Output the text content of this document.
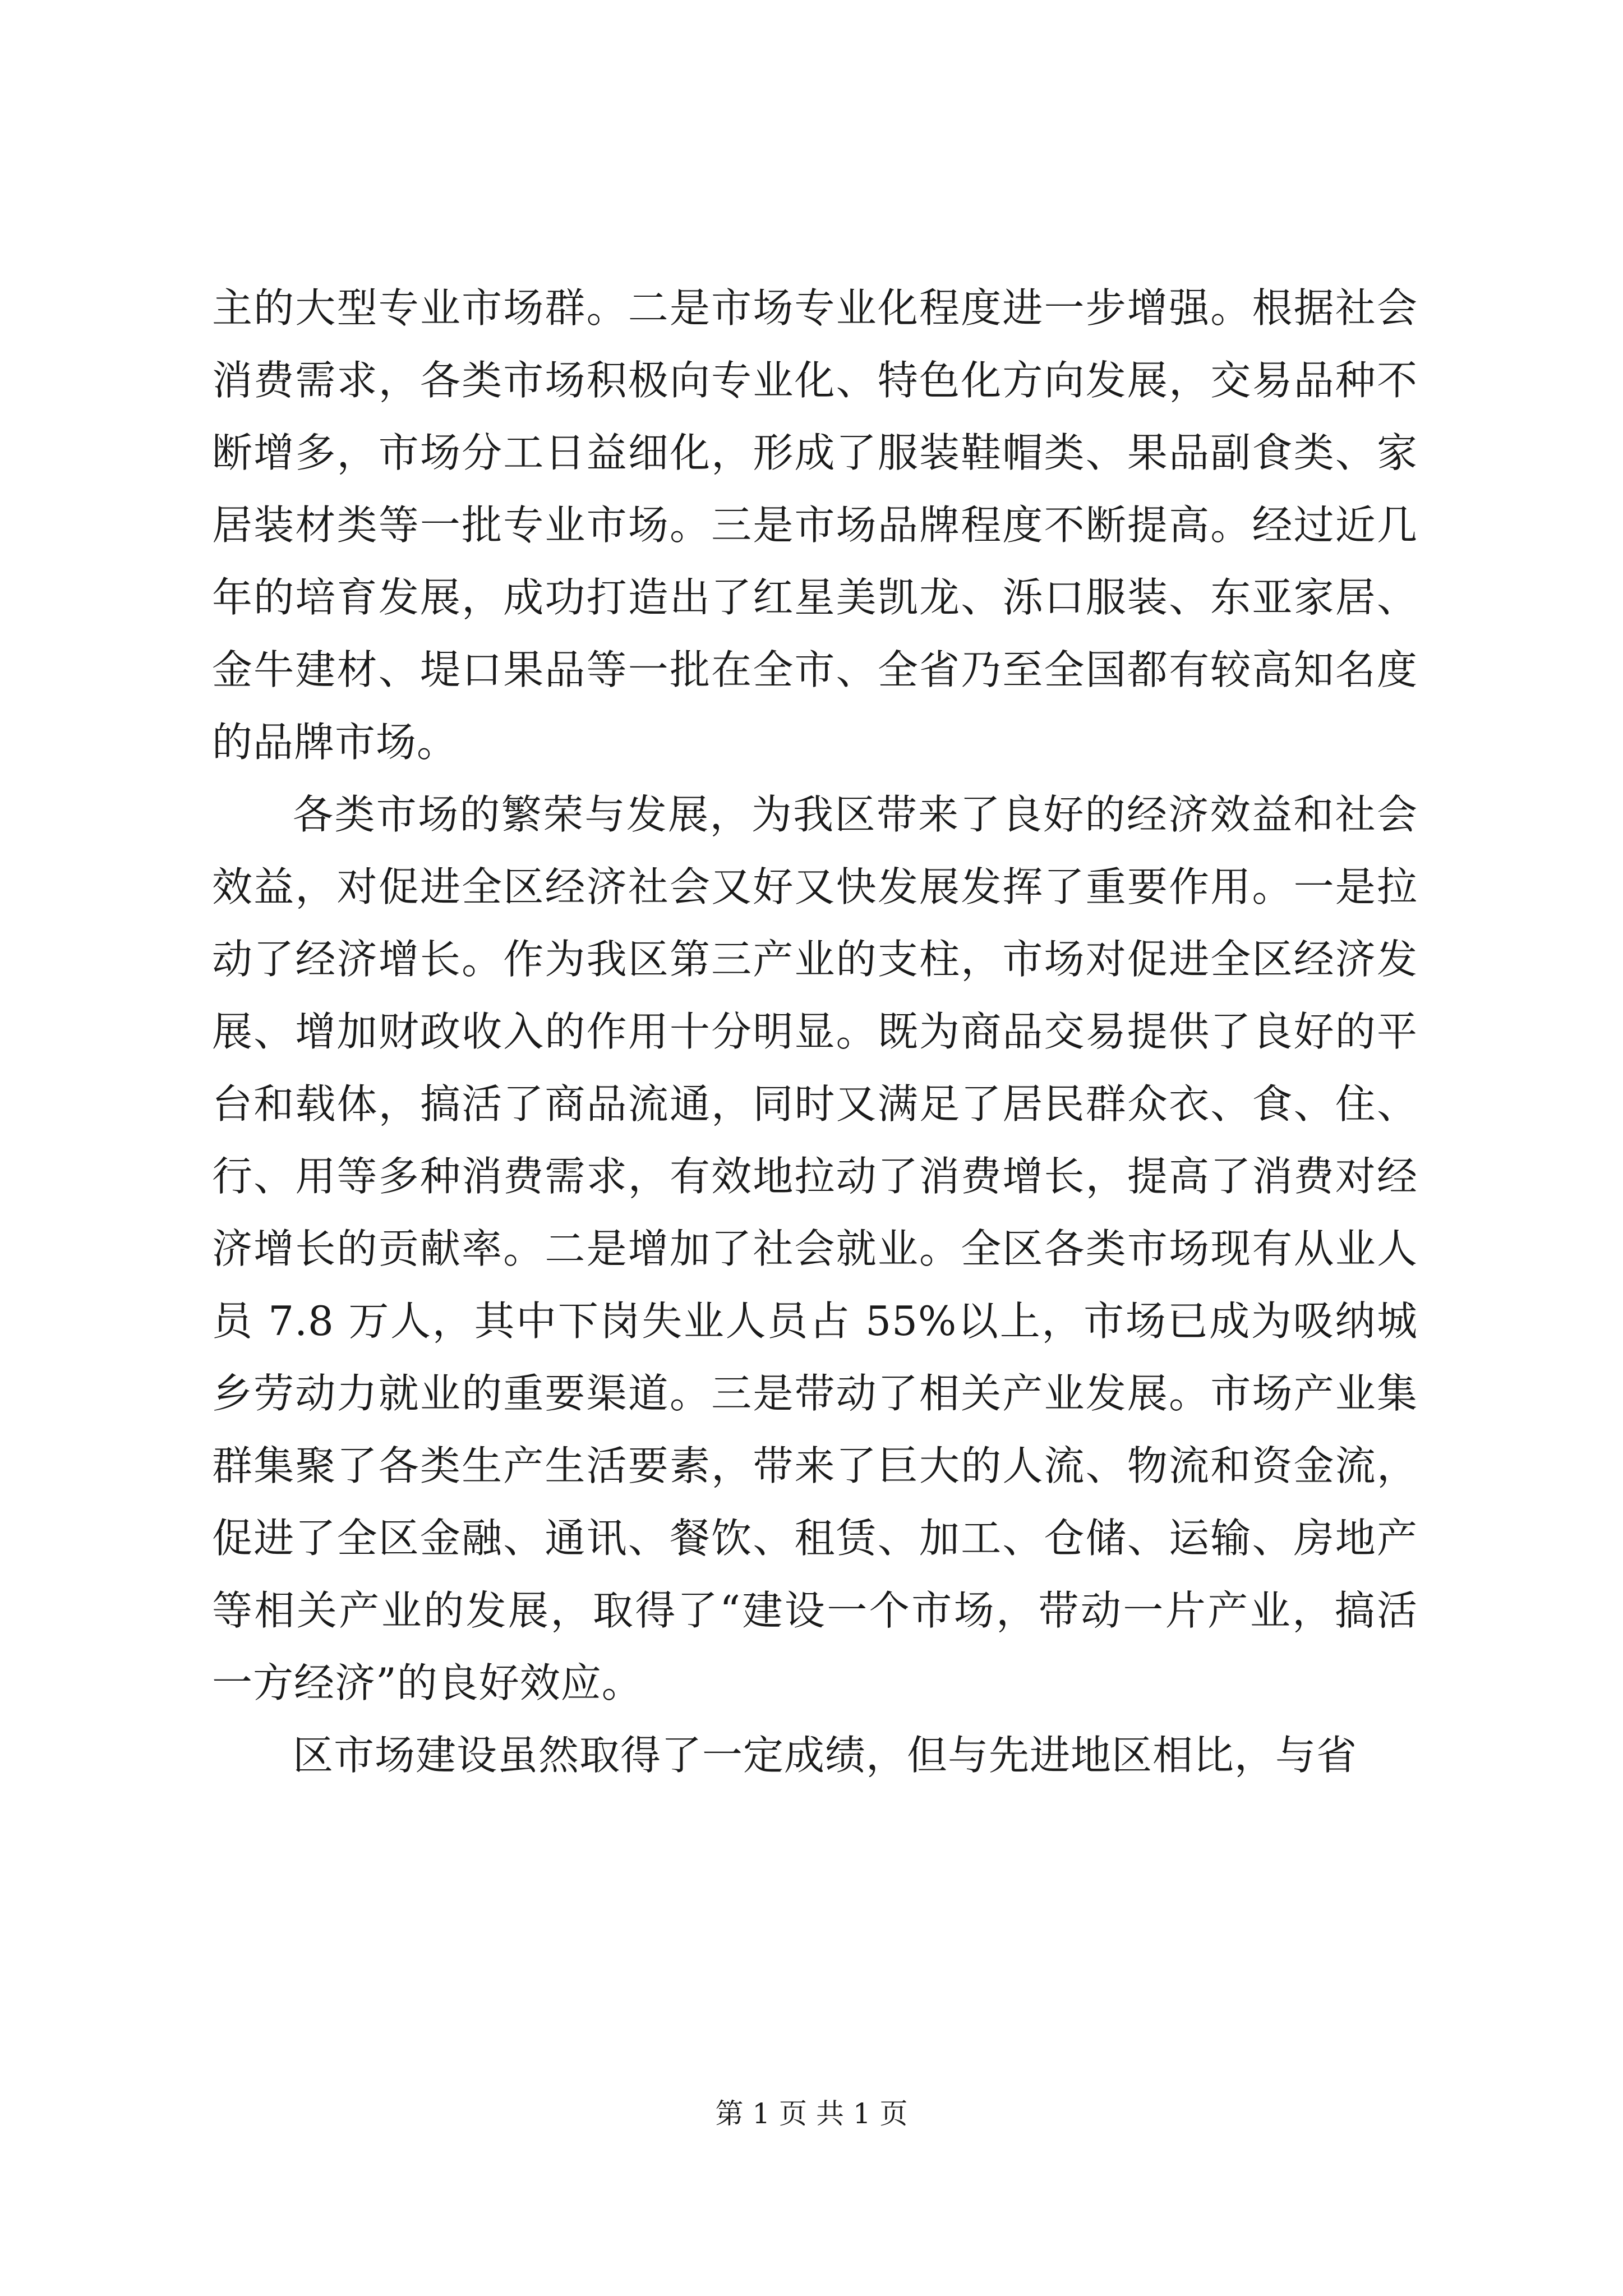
主的大型专业市场群。二是市场专业化程度进一步增强。根据社会消费需求，各类市场积极向专业化、特色化方向发展，交易品种不断增多，市场分工日益细化，形成了服装鞋帽类、果品副食类、家居装材类等一批专业市场。三是市场品牌程度不断提高。经过近几年的培育发展，成功打造出了红星美凯龙、泺口服装、东亚家居、金牛建材、堤口果品等一批在全市、全省乃至全国都有较高知名度的品牌市场。

各类市场的繁荣与发展，为我区带来了良好的经济效益和社会效益，对促进全区经济社会又好又快发展发挥了重要作用。一是拉动了经济增长。作为我区第三产业的支柱，市场对促进全区经济发展、增加财政收入的作用十分明显。既为商品交易提供了良好的平台和载体，搞活了商品流通，同时又满足了居民群众衣、食、住、行、用等多种消费需求，有效地拉动了消费增长，提高了消费对经济增长的贡献率。二是增加了社会就业。全区各类市场现有从业人员 7.8 万人，其中下岗失业人员占 55%以上，市场已成为吸纳城乡劳动力就业的重要渠道。三是带动了相关产业发展。市场产业集群集聚了各类生产生活要素，带来了巨大的人流、物流和资金流，促进了全区金融、通讯、餐饮、租赁、加工、仓储、运输、房地产等相关产业的发展，取得了“建设一个市场，带动一片产业，搞活一方经济”的良好效应。

区市场建设虽然取得了一定成绩，但与先进地区相比，与省

第 1 页 共 1 页
